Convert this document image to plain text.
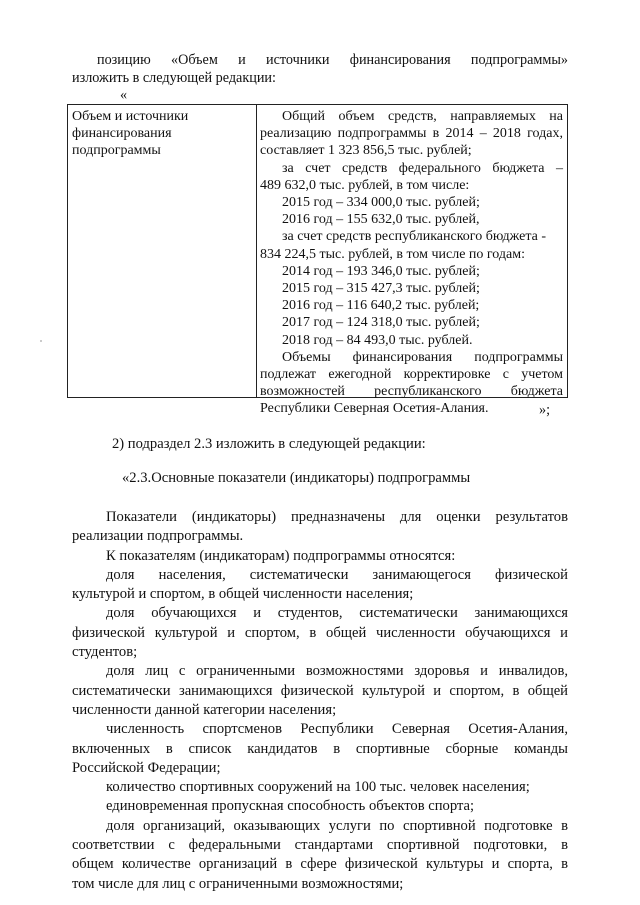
позицию «Объем и источники финансирования подпрограммы»
изложить в следующей редакции:
«
Объем и источники
финансирования
подпрограммы
Общий объем средств, направляемых на
реализацию подпрограммы в 2014 – 2018 годах,
составляет 1 323 856,5 тыс. рублей;
за счет средств федерального бюджета –
489 632,0 тыс. рублей, в том числе:
2015 год – 334 000,0 тыс. рублей;
2016 год – 155 632,0 тыс. рублей,
за счет средств республиканского бюджета -
834 224,5 тыс. рублей, в том числе по годам:
2014 год – 193 346,0 тыс. рублей;
2015 год – 315 427,3 тыс. рублей;
2016 год – 116 640,2 тыс. рублей;
2017 год – 124 318,0 тыс. рублей;
2018 год – 84 493,0 тыс. рублей.
Объемы финансирования подпрограммы
подлежат ежегодной корректировке с учетом
возможностей республиканского бюджета
Республики Северная Осетия-Алания.	»;
2) подраздел 2.3 изложить в следующей редакции:
«2.3.Основные показатели (индикаторы) подпрограммы
Показатели (индикаторы) предназначены для оценки результатов
реализации подпрограммы.
К показателям (индикаторам) подпрограммы относятся:
доля населения, систематически занимающегося физической
культурой и спортом, в общей численности населения;
доля обучающихся и студентов, систематически занимающихся
физической культурой и спортом, в общей численности обучающихся и
студентов;
доля лиц с ограниченными возможностями здоровья и инвалидов,
систематически занимающихся физической культурой и спортом, в общей
численности данной категории населения;
численность спортсменов Республики Северная Осетия-Алания,
включенных в список кандидатов в спортивные сборные команды
Российской Федерации;
количество спортивных сооружений на 100 тыс. человек населения;
единовременная пропускная способность объектов спорта;
доля организаций, оказывающих услуги по спортивной подготовке в
соответствии с федеральными стандартами спортивной подготовки, в
общем количестве организаций в сфере физической культуры и спорта, в
том числе для лиц с ограниченными возможностями;
